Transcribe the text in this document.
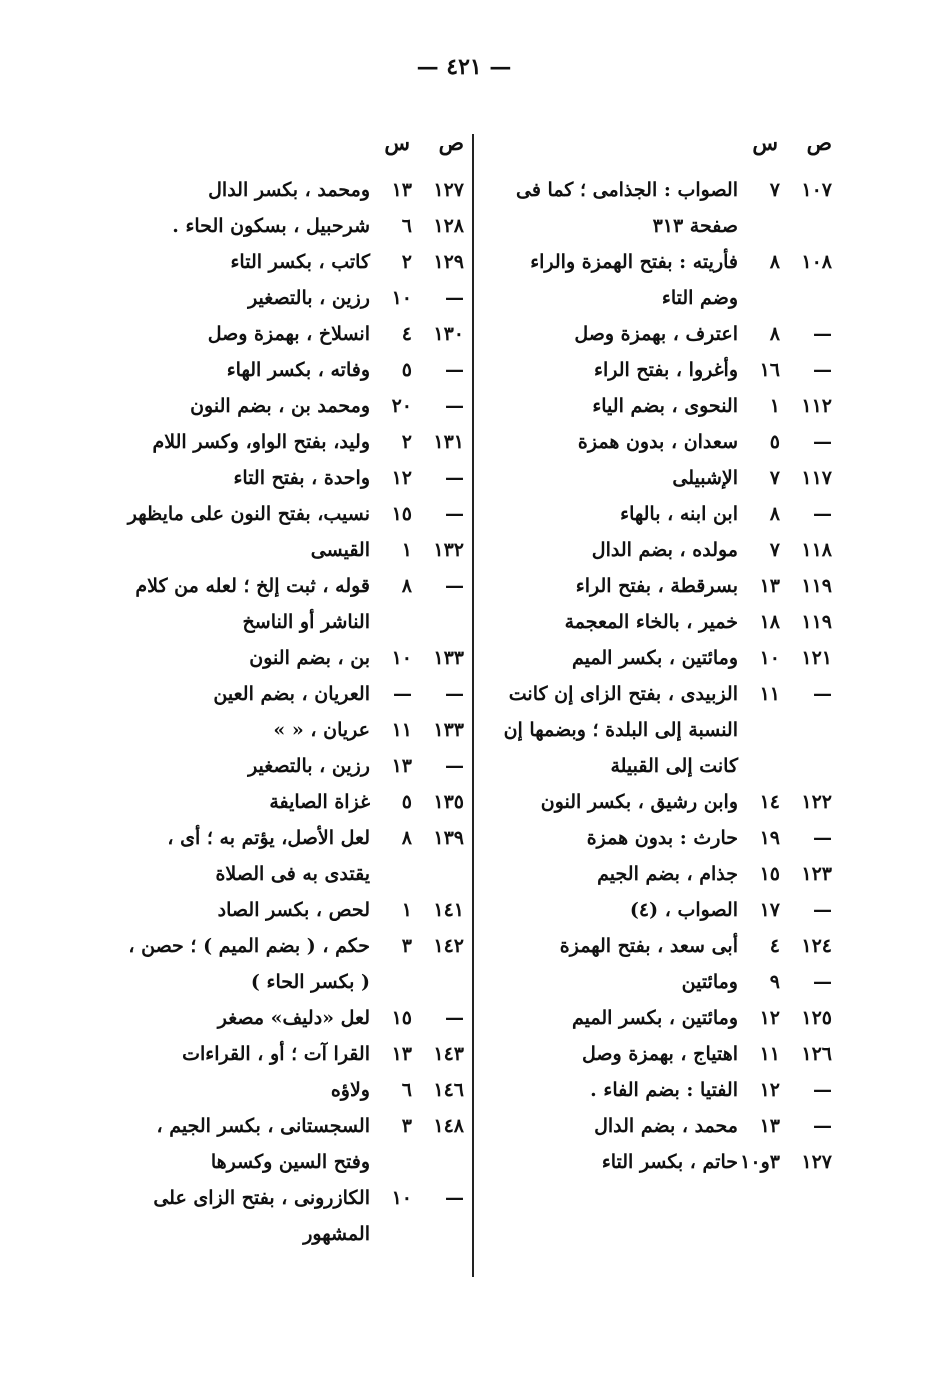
— ٤٢١ —
ص
س
١٠٧
٧
الصواب : الجذامى ؛ كما فى صفحة ٣١٣
١٠٨
٨
فأريته : بفتح الهمزة والراء وضم التاء
—
٨
اعترف ، بهمزة وصل
—
١٦
وأغروا ، بفتح الراء
١١٢
١
النحوى ، بضم الياء
—
٥
سعدان ، بدون همزة
١١٧
٧
الإشبيلى
—
٨
ابن ابنه ، بالهاء
١١٨
٧
مولده ، بضم الدال
١١٩
١٣
بسرقطة ، بفتح الراء
١١٩
١٨
خمير ، بالخاء المعجمة
١٢١
١٠
ومائتين ، بكسر الميم
—
١١
الزبيدى ، بفتح الزاى إن كانت النسبة إلى البلدة ؛ وبضمها إن كانت إلى القبيلة
١٢٢
١٤
وابن رشيق ، بكسر النون
—
١٩
حارث : بدون همزة
١٢٣
١٥
جذام ، بضم الجيم
—
١٧
الصواب ، (٤)
١٢٤
٤
أبى سعد ، بفتح الهمزة
—
٩
ومائتين
١٢٥
١٢
ومائتين ، بكسر الميم
١٢٦
١١
اهتياج ، بهمزة وصل
—
١٢
الفتيا : بضم الفاء .
—
١٣
محمد ، بضم الدال
١٢٧
٣و١٠
حاتم ، بكسر التاء
ص
س
١٢٧
١٣
ومحمد ، بكسر الدال
١٢٨
٦
شرحبيل ، بسكون الحاء .
١٢٩
٢
كاتب ، بكسر التاء
—
١٠
رزين ، بالتصغير
١٣٠
٤
انسلاخ ، بهمزة وصل
—
٥
وفاته ، بكسر الهاء
—
٢٠
ومحمد بن ، بضم النون
١٣١
٢
وليد، بفتح الواو، وكسر اللام
—
١٢
واحدة ، بفتح التاء
—
١٥
نسيب، بفتح النون على مايظهر
١٣٢
١
القيسى
—
٨
قوله ، ثبت إلخ ؛ لعله من كلام الناشر أو الناسخ
١٣٣
١٠
بن ، بضم النون
—
—
العريان ، بضم العين
١٣٣
١١
عريان ، « »
—
١٣
رزين ، بالتصغير
١٣٥
٥
غزاة الصايفة
١٣٩
٨
لعل الأصل، يؤتم به ؛ أى ، يقتدى به فى الصلاة
١٤١
١
لحص ، بكسر الصاد
١٤٢
٣
حكم ، ( بضم الميم ) ؛ حصن ، ( بكسر الحاء )
—
١٥
لعل «دليف» مصغر
١٤٣
١٣
القرا آت ؛ أو ، القراءات
١٤٦
٦
ولاؤه
١٤٨
٣
السجستانى ، بكسر الجيم ، وفتح السين وكسرها
—
١٠
الكازرونى ، بفتح الزاى على المشهور
